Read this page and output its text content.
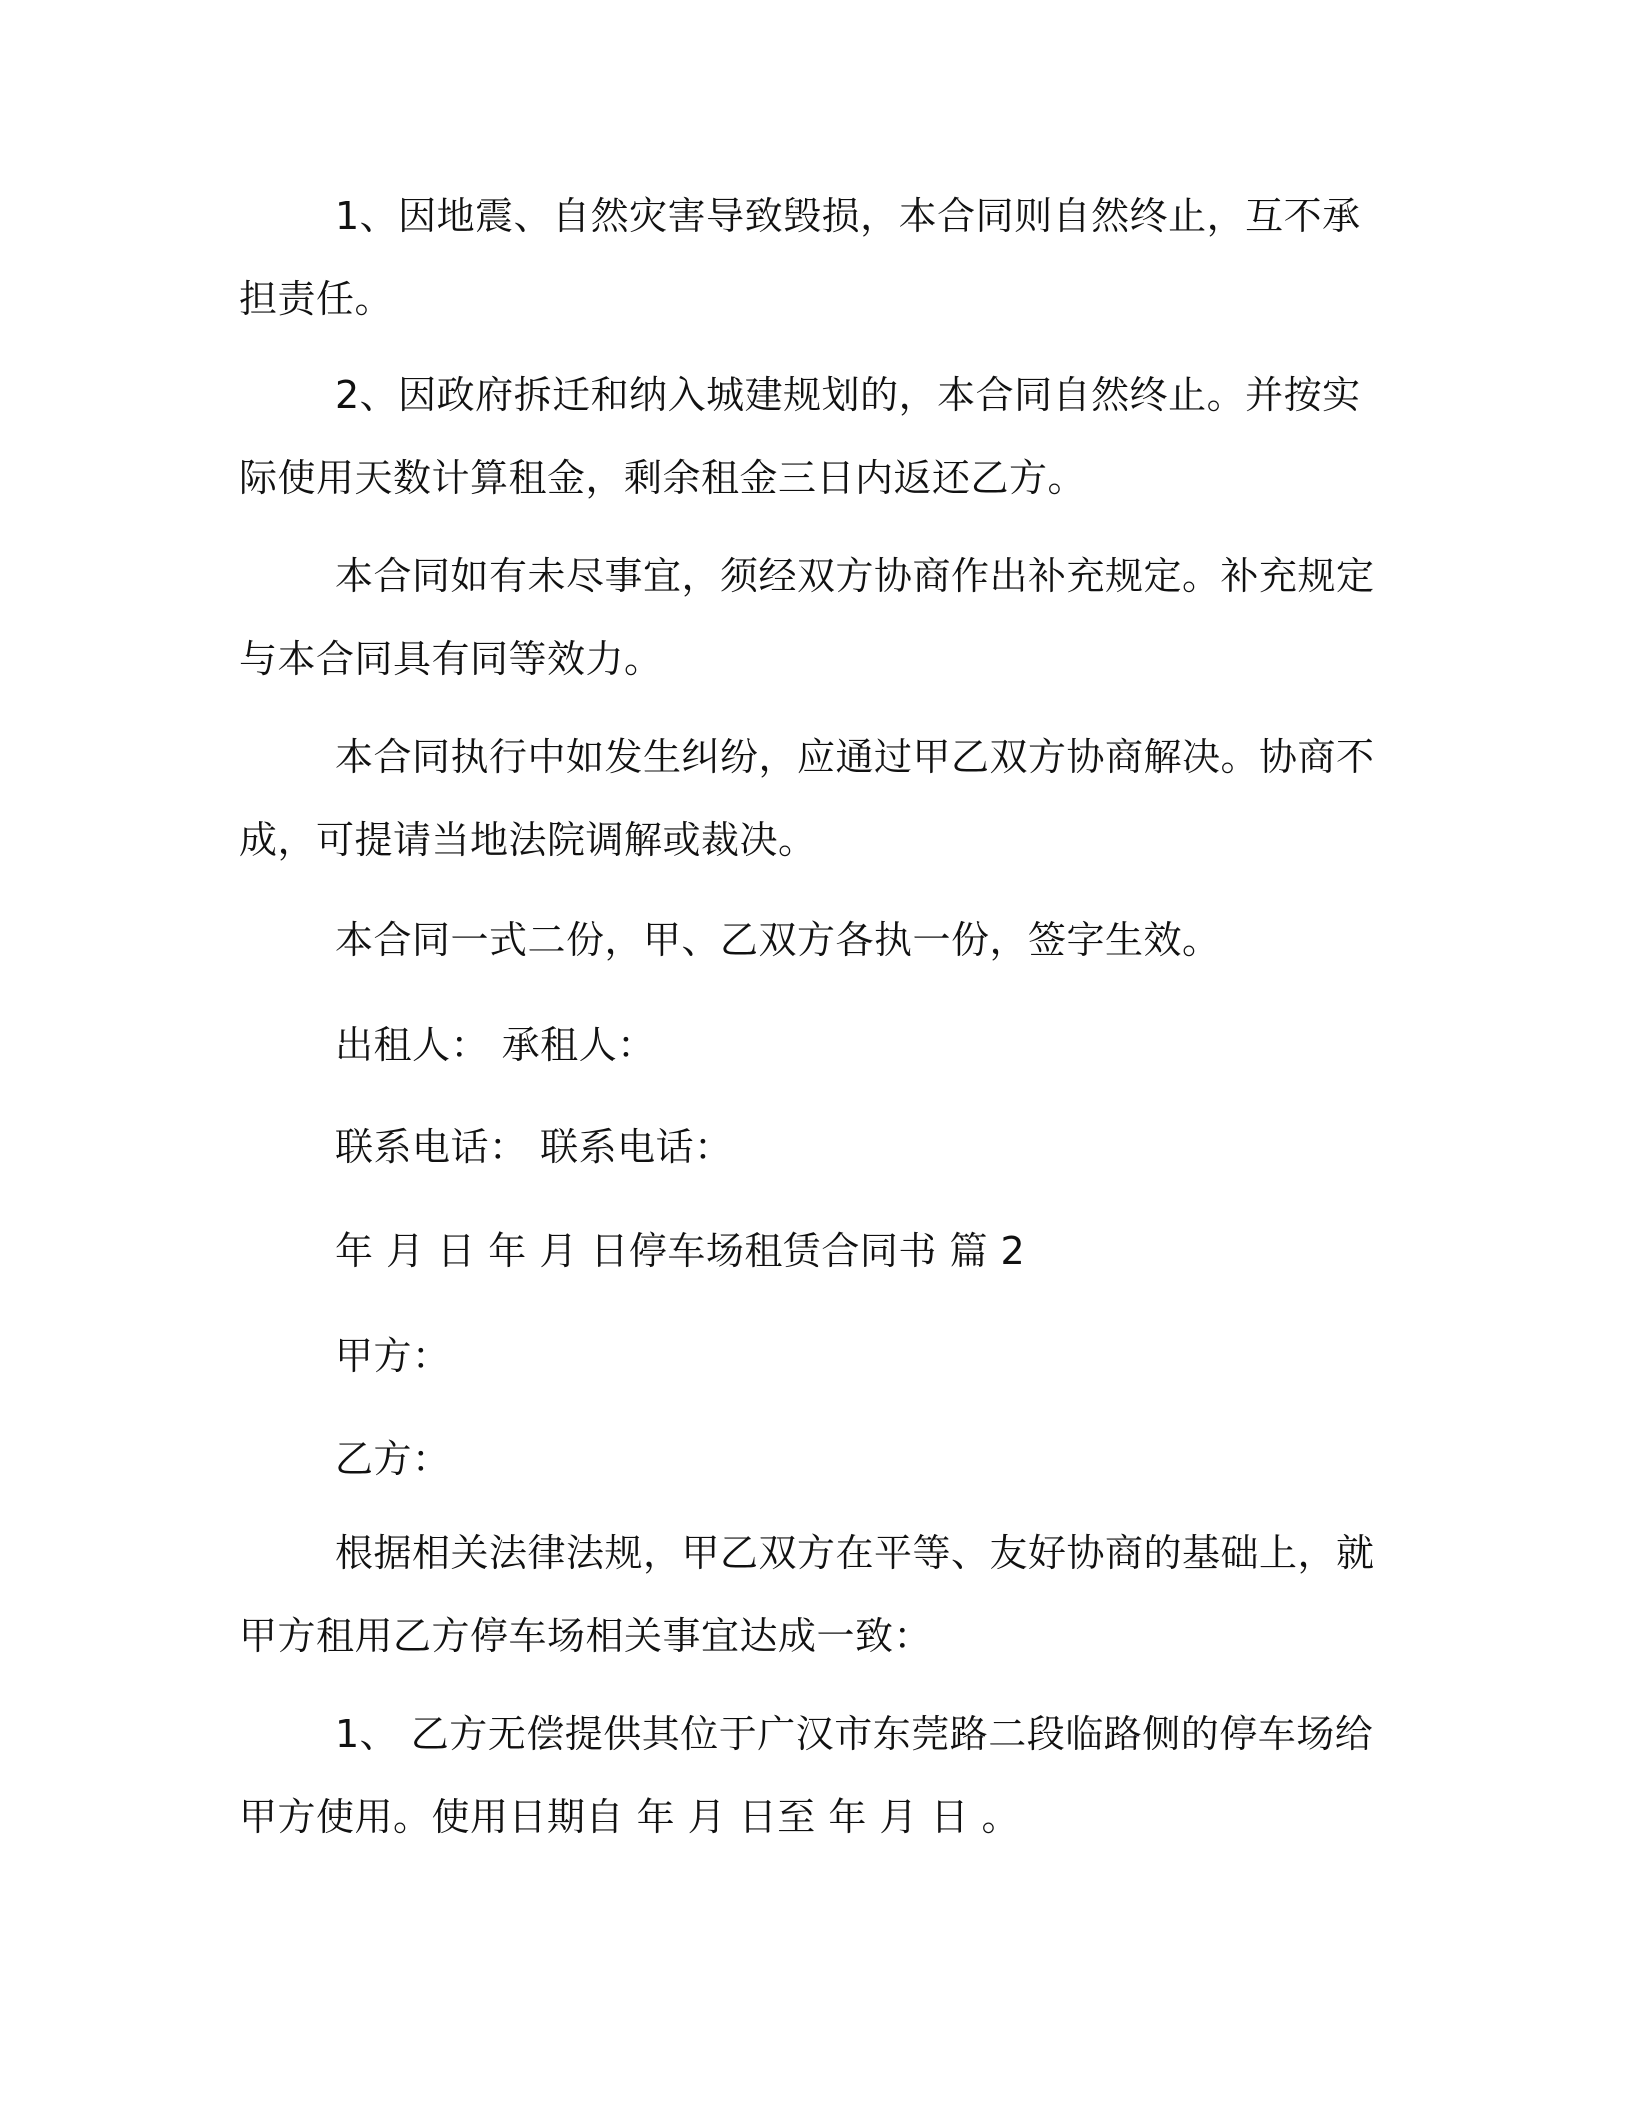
1、因地震、自然灾害导致毁损，本合同则自然终止，互不承担责任。
2、因政府拆迁和纳入城建规划的，本合同自然终止。并按实际使用天数计算租金，剩余租金三日内返还乙方。
本合同如有未尽事宜，须经双方协商作出补充规定。补充规定与本合同具有同等效力。
本合同执行中如发生纠纷，应通过甲乙双方协商解决。协商不成，可提请当地法院调解或裁决。
本合同一式二份，甲、乙双方各执一份，签字生效。
出租人： 承租人：
联系电话： 联系电话：
年 月 日 年 月 日停车场租赁合同书 篇 2
甲方：
乙方：
根据相关法律法规，甲乙双方在平等、友好协商的基础上，就甲方租用乙方停车场相关事宜达成一致：
1、 乙方无偿提供其位于广汉市东莞路二段临路侧的停车场给甲方使用。使用日期自 年 月 日至 年 月 日 。
